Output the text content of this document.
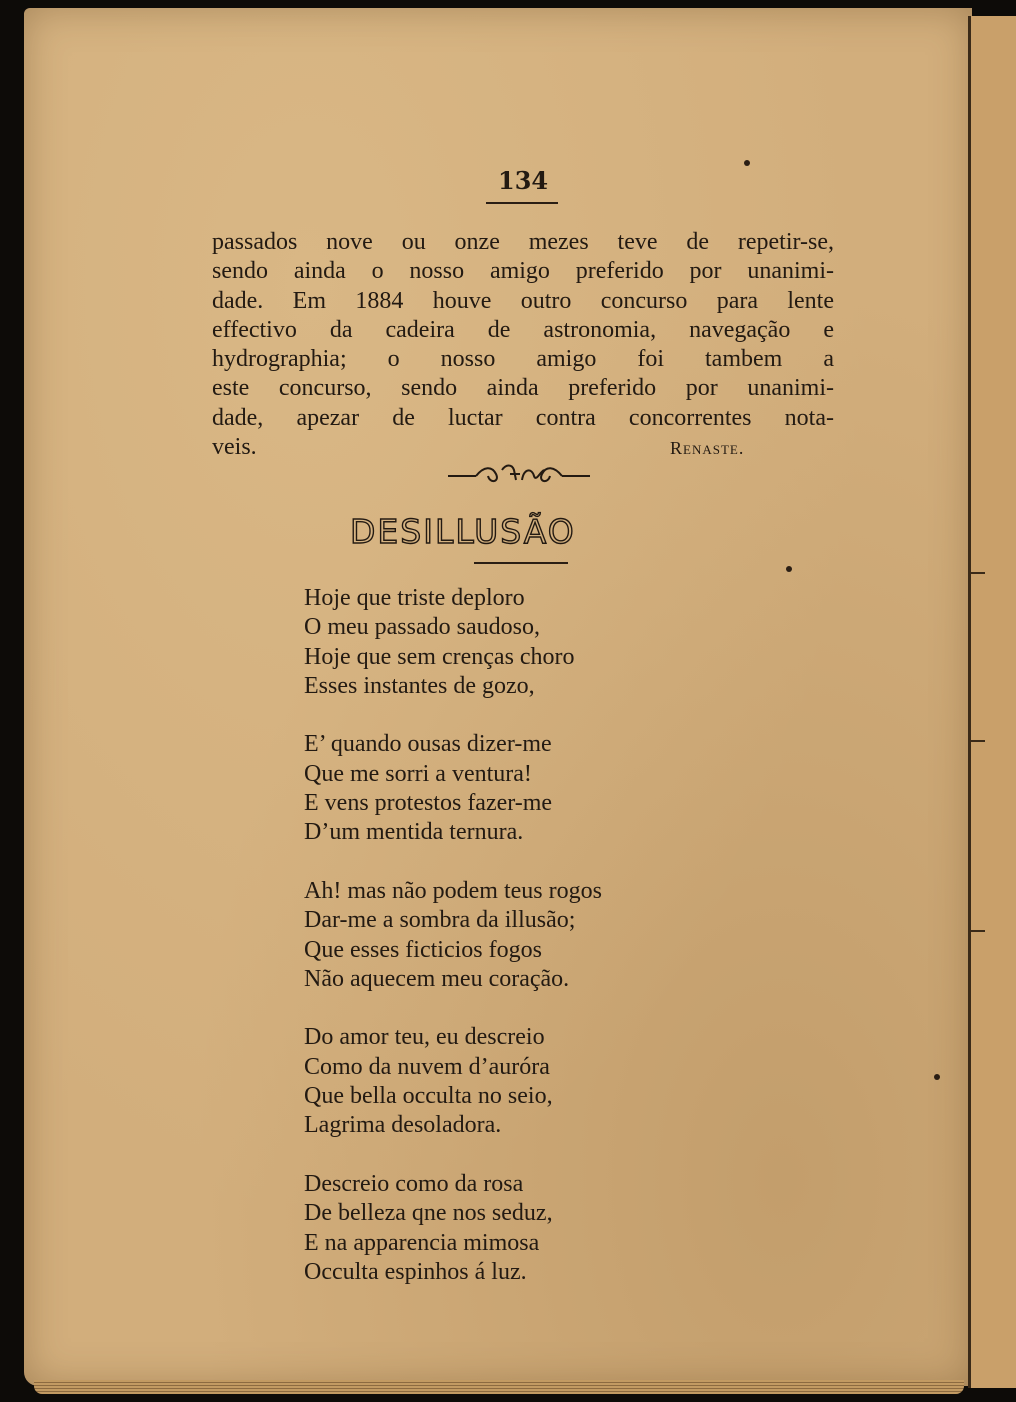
134
passados nove ou onze mezes teve de repetir-se,
sendo ainda o nosso amigo preferido por unanimi-
dade. Em 1884 houve outro concurso para lente
effectivo da cadeira de astronomia, navegação e
hydrographia; o nosso amigo foi tambem a
este concurso, sendo ainda preferido por unanimi-
dade, apezar de luctar contra concorrentes nota-
veis.	Renaste.
DESILLUSÃO
Hoje que triste deploro
O meu passado saudoso,
Hoje que sem crenças choro
Esses instantes de gozo,
E’ quando ousas dizer-me
Que me sorri a ventura!
E vens protestos fazer-me
D’um mentida ternura.
Ah! mas não podem teus rogos
Dar-me a sombra da illusão;
Que esses ficticios fogos
Não aquecem meu coração.
Do amor teu, eu descreio
Como da nuvem d’auróra
Que bella occulta no seio,
Lagrima desoladora.
Descreio como da rosa
De belleza qne nos seduz,
E na apparencia mimosa
Occulta espinhos á luz.
